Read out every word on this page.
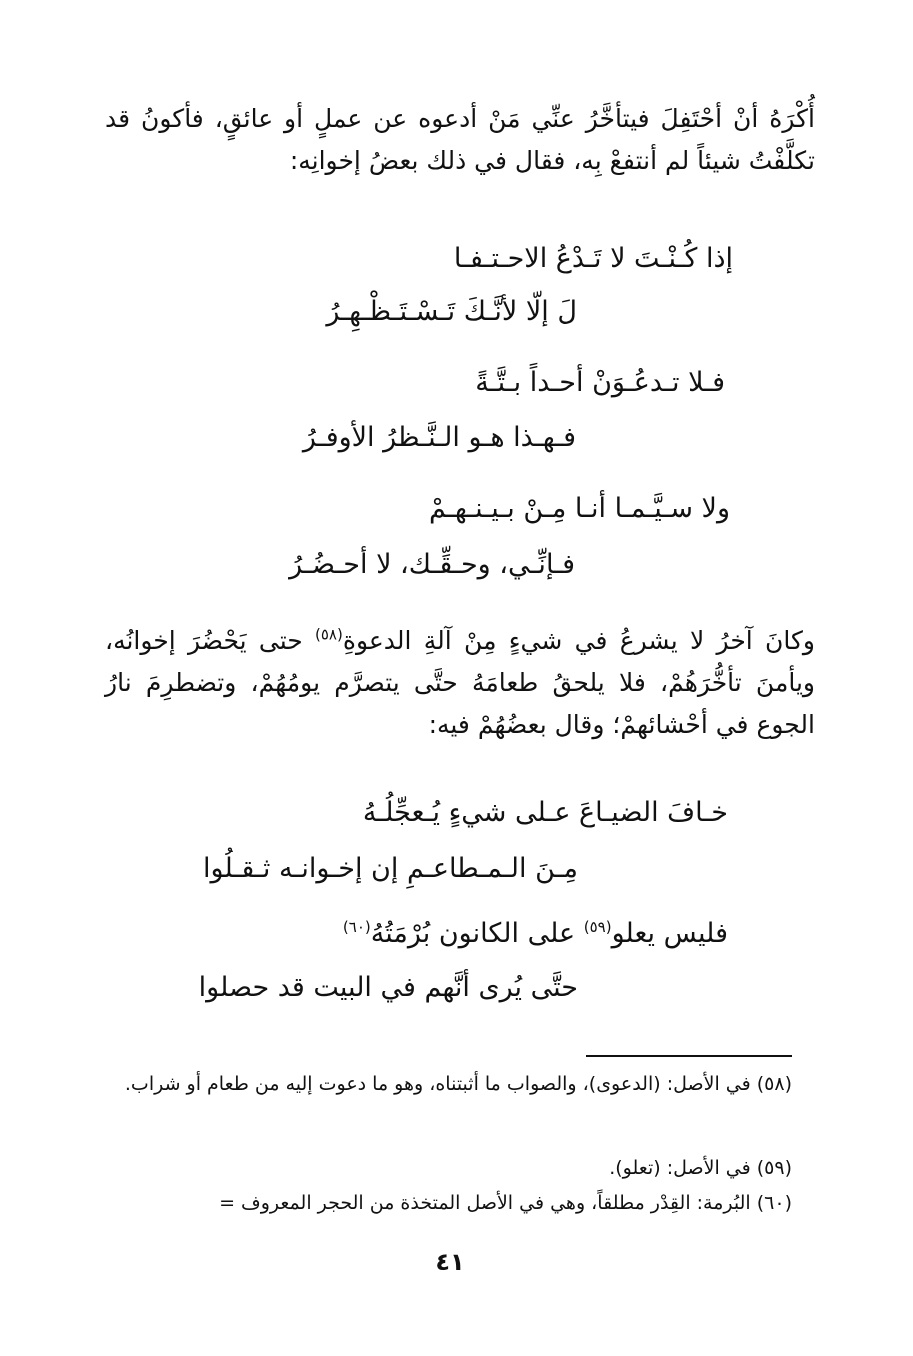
أُكْرَهُ أنْ أحْتَفِلَ فيتأخَّرُ عنِّي مَنْ أدعوه عن عملٍ أو عائقٍ، فأكونُ قد تكلَّفْتُ شيئاً لم أنتفعْ بِه، فقال في ذلك بعضُ إخوانِه:

إذا كُـنْـتَ لا تَـدْعُ الاحـتـفـا
لَ إلّا لأنَّـكَ تَـسْـتَـظْـهِـرُ
فـلا تـدعُـوَنْ أحـداً بـتَّـةً
فـهـذا هـو الـنَّـظرُ الأوفـرُ
ولا سـيَّـمـا أنـا مِـنْ بـيـنـهـمْ
فـإنِّـي، وحـقِّـك، لا أحـضُـرُ

وكانَ آخرُ لا يشرعُ في شيءٍ مِنْ آلةِ الدعوةِ$^{(٥٨)}$ حتى يَحْضُرَ إخوانُه، ويأمنَ تأخُّرَهُمْ، فلا يلحقُ طعامَهُ حتَّى يتصرَّم يومُهُمْ، وتضطرِمَ نارُ الجوع في أحْشائهمْ؛ وقال بعضُهُمْ فيه:

خـافَ الضيـاعَ عـلى شيءٍ يُـعجِّلُـهُ
مِـنَ الـمـطاعـمِ إن إخـوانـه ثـقـلُوا
فليس يعلو$^{(٥٩)}$ على الكانون بُرْمَتُهُ$^{(٦٠)}$
حتَّى يُرى أنَّهم في البيت قد حصلوا
(٥٨) في الأصل: (الدعوى)، والصواب ما أثبتناه، وهو ما دعوت إليه من طعام أو شراب.
(٥٩) في الأصل: (تعلو).
(٦٠) البُرمة: القِدْر مطلقاً، وهي في الأصل المتخذة من الحجر المعروف =
٤١
